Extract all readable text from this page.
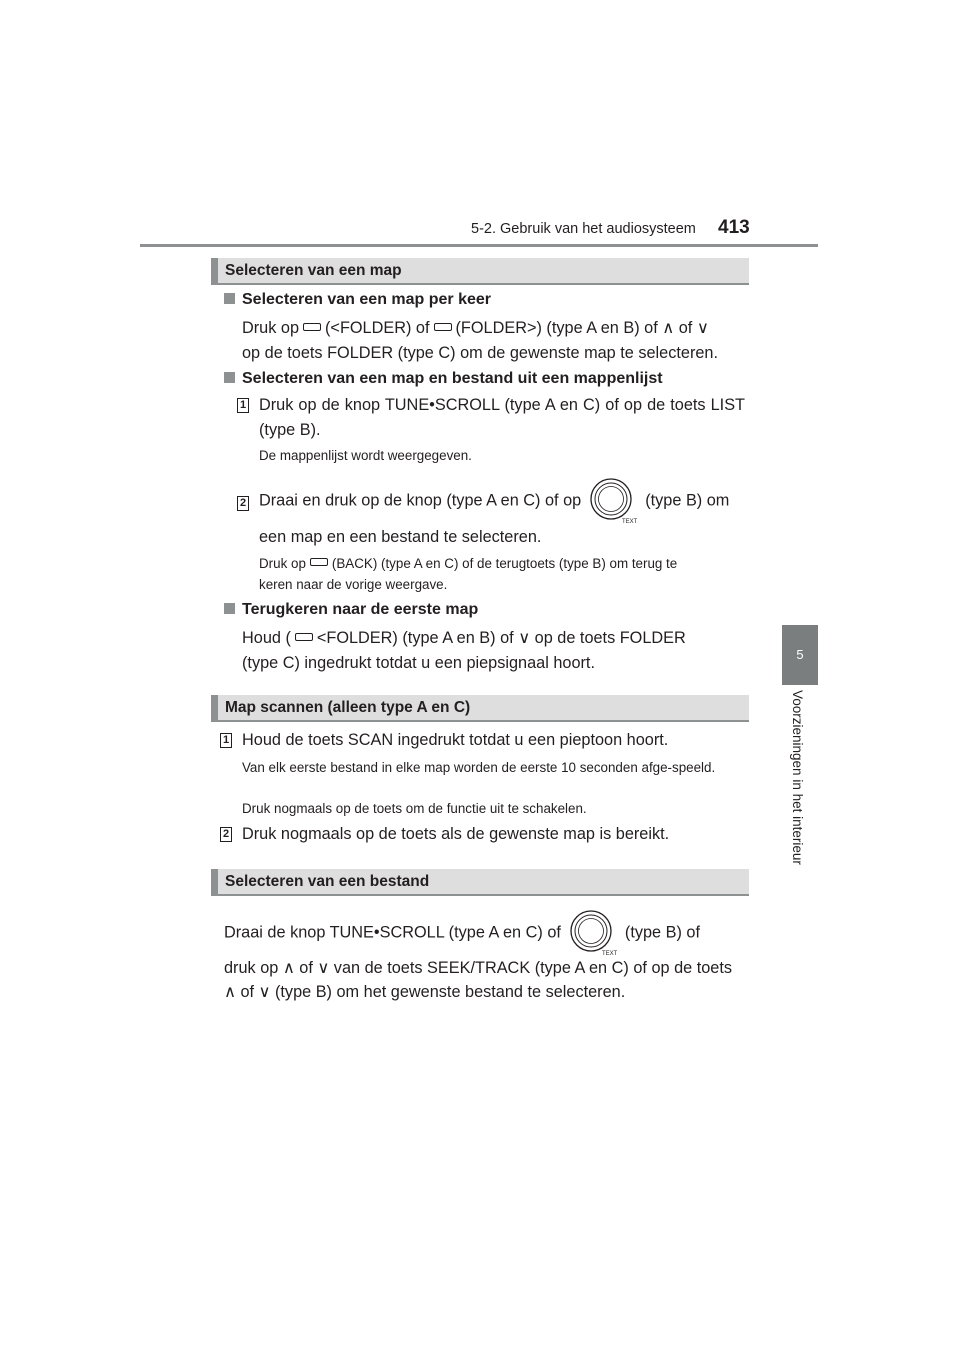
5-2. Gebruik van het audiosysteem 413
5
Voorzieningen in het interieur
Selecteren van een map
Selecteren van een map per keer
Druk op (<FOLDER) of (FOLDER>) (type A en B) of ∧ of ∨
op de toets FOLDER (type C) om de gewenste map te selecteren.
Selecteren van een map en bestand uit een mappenlijst
1 Druk op de knop TUNE•SCROLL (type A en C) of op de toets LIST (type B).
De mappenlijst wordt weergegeven.
2 Draai en druk op de knop (type A en C) of op
TEXT
(type B) om
een map en een bestand te selecteren.
Druk op (BACK) (type A en C) of de terugtoets (type B) om terug te
keren naar de vorige weergave.
Terugkeren naar de eerste map
Houd ( <FOLDER) (type A en B) of ∨ op de toets FOLDER
(type C) ingedrukt totdat u een piepsignaal hoort.
Map scannen (alleen type A en C)
1 Houd de toets SCAN ingedrukt totdat u een pieptoon hoort.
Van elk eerste bestand in elke map worden de eerste 10 seconden afge-speeld.
Druk nogmaals op de toets om de functie uit te schakelen.
2 Druk nogmaals op de toets als de gewenste map is bereikt.
Selecteren van een bestand
Draai de knop TUNE•SCROLL (type A en C) of
TEXT
(type B) of
druk op ∧ of ∨ van de toets SEEK/TRACK (type A en C) of op de toets
∧ of ∨ (type B) om het gewenste bestand te selecteren.
